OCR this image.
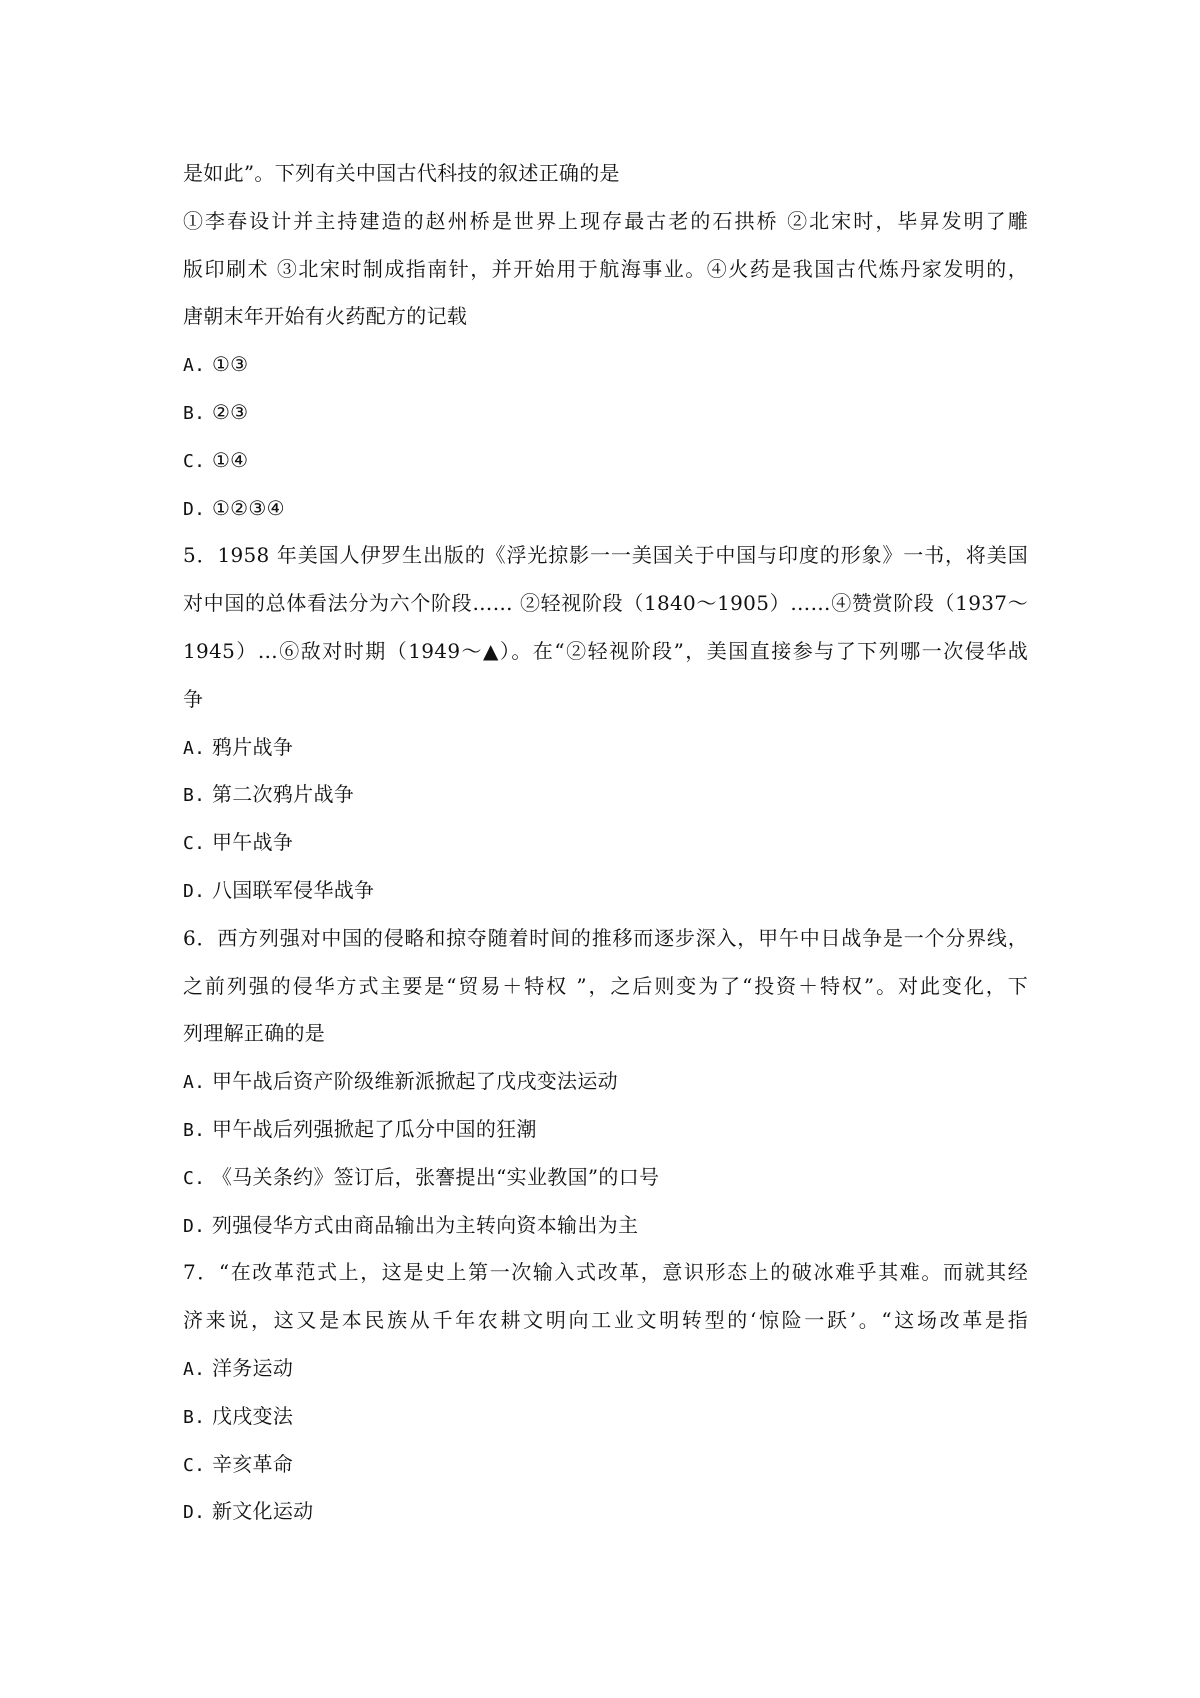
是如此”。下列有关中国古代科技的叙述正确的是
①李春设计并主持建造的赵州桥是世界上现存最古老的石拱桥 ②北宋时，毕昇发明了雕
版印刷术 ③北宋时制成指南针，并开始用于航海事业。④火药是我国古代炼丹家发明的，
唐朝末年开始有火药配方的记载
A. ①③
B. ②③
C. ①④
D. ①②③④
5．1958 年美国人伊罗生出版的《浮光掠影一一美国关于中国与印度的形象》一书，将美国
对中国的总体看法分为六个阶段…… ②轻视阶段（1840～1905）……④赞赏阶段（1937～
1945）…⑥敌对时期（1949～▲）。在“②轻视阶段”，美国直接参与了下列哪一次侵华战
争
A. 鸦片战争
B. 第二次鸦片战争
C. 甲午战争
D. 八国联军侵华战争
6．西方列强对中国的侵略和掠夺随着时间的推移而逐步深入，甲午中日战争是一个分界线，
之前列强的侵华方式主要是“贸易＋特权 ”，之后则变为了“投资＋特权”。对此变化，下
列理解正确的是
A. 甲午战后资产阶级维新派掀起了戊戌变法运动
B. 甲午战后列强掀起了瓜分中国的狂潮
C. 《马关条约》签订后，张謇提出“实业教国”的口号
D. 列强侵华方式由商品输出为主转向资本输出为主
7．“在改革范式上，这是史上第一次输入式改革，意识形态上的破冰难乎其难。而就其经
济来说，这又是本民族从千年农耕文明向工业文明转型的‘惊险一跃’。“这场改革是指
A. 洋务运动
B. 戊戌变法
C. 辛亥革命
D. 新文化运动
